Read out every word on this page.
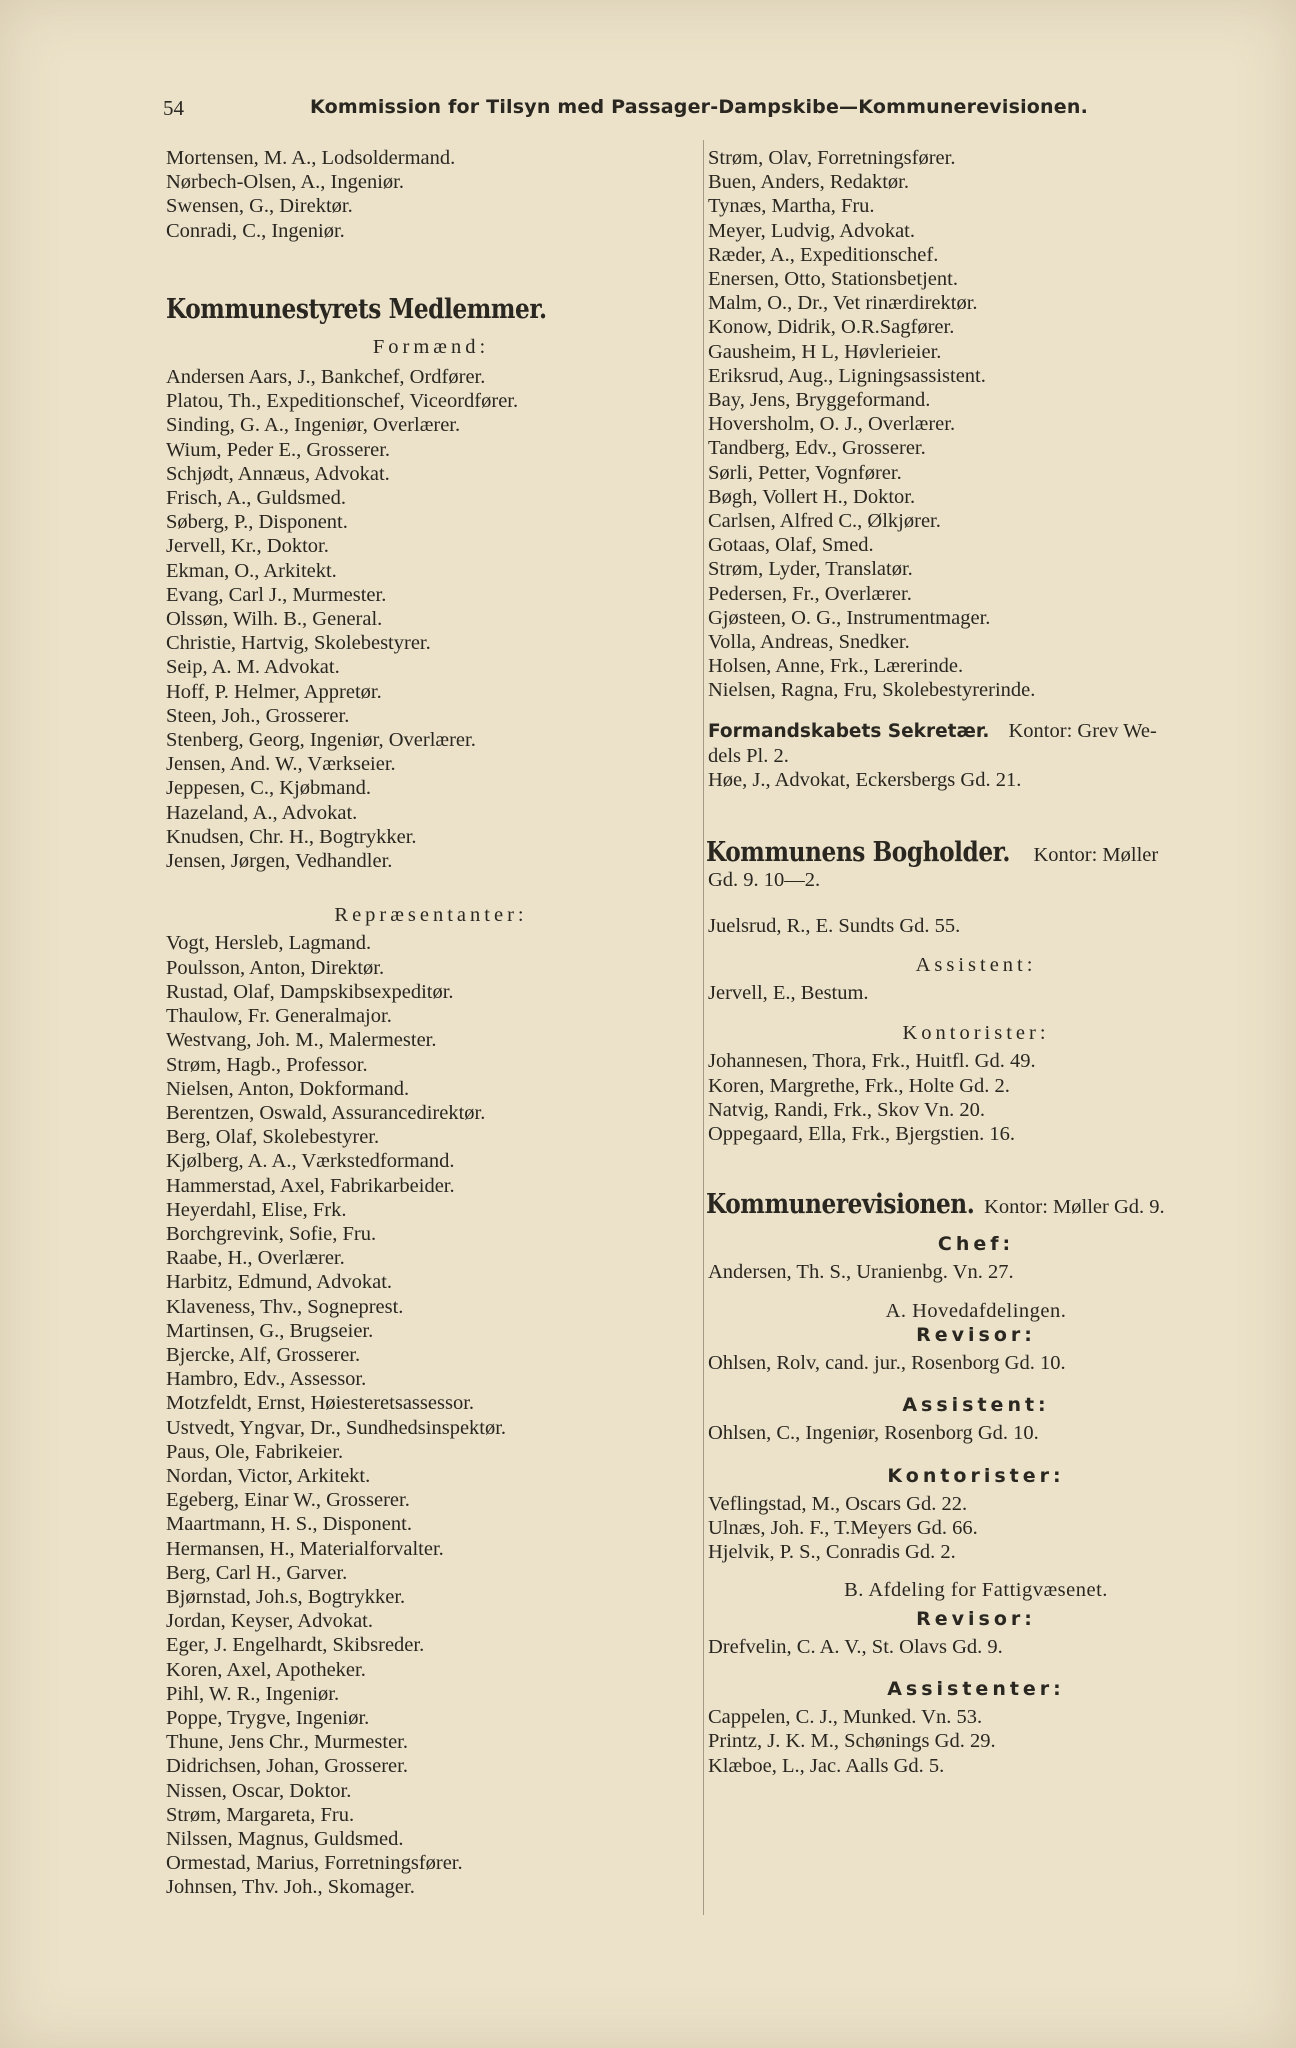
54	Kommission for Tilsyn med Passager-Dampskibe—Kommunerevisionen.
Mortensen, M. A., Lodsoldermand.
Nørbech-Olsen, A., Ingeniør.
Swensen, G., Direktør.
Conradi, C., Ingeniør.
Kommunestyrets Medlemmer.
Formænd:
Andersen Aars, J., Bankchef, Ordfører.
Platou, Th., Expeditionschef, Viceordfører.
Sinding, G. A., Ingeniør, Overlærer.
Wium, Peder E., Grosserer.
Schjødt, Annæus, Advokat.
Frisch, A., Guldsmed.
Søberg, P., Disponent.
Jervell, Kr., Doktor.
Ekman, O., Arkitekt.
Evang, Carl J., Murmester.
Olssøn, Wilh. B., General.
Christie, Hartvig, Skolebestyrer.
Seip, A. M. Advokat.
Hoff, P. Helmer, Appretør.
Steen, Joh., Grosserer.
Stenberg, Georg, Ingeniør, Overlærer.
Jensen, And. W., Værkseier.
Jeppesen, C., Kjøbmand.
Hazeland, A., Advokat.
Knudsen, Chr. H., Bogtrykker.
Jensen, Jørgen, Vedhandler.
Repræsentanter:
Vogt, Hersleb, Lagmand.
Poulsson, Anton, Direktør.
Rustad, Olaf, Dampskibsexpeditør.
Thaulow, Fr. Generalmajor.
Westvang, Joh. M., Malermester.
Strøm, Hagb., Professor.
Nielsen, Anton, Dokformand.
Berentzen, Oswald, Assurancedirektør.
Berg, Olaf, Skolebestyrer.
Kjølberg, A. A., Værkstedformand.
Hammerstad, Axel, Fabrikarbeider.
Heyerdahl, Elise, Frk.
Borchgrevink, Sofie, Fru.
Raabe, H., Overlærer.
Harbitz, Edmund, Advokat.
Klaveness, Thv., Sogneprest.
Martinsen, G., Brugseier.
Bjercke, Alf, Grosserer.
Hambro, Edv., Assessor.
Motzfeldt, Ernst, Høiesteretsassessor.
Ustvedt, Yngvar, Dr., Sundhedsinspektør.
Paus, Ole, Fabrikeier.
Nordan, Victor, Arkitekt.
Egeberg, Einar W., Grosserer.
Maartmann, H. S., Disponent.
Hermansen, H., Materialforvalter.
Berg, Carl H., Garver.
Bjørnstad, Joh.s, Bogtrykker.
Jordan, Keyser, Advokat.
Eger, J. Engelhardt, Skibsreder.
Koren, Axel, Apotheker.
Pihl, W. R., Ingeniør.
Poppe, Trygve, Ingeniør.
Thune, Jens Chr., Murmester.
Didrichsen, Johan, Grosserer.
Nissen, Oscar, Doktor.
Strøm, Margareta, Fru.
Nilssen, Magnus, Guldsmed.
Ormestad, Marius, Forretningsfører.
Johnsen, Thv. Joh., Skomager.
Strøm, Olav, Forretningsfører.
Buen, Anders, Redaktør.
Tynæs, Martha, Fru.
Meyer, Ludvig, Advokat.
Ræder, A., Expeditionschef.
Enersen, Otto, Stationsbetjent.
Malm, O., Dr., Vet rinærdirektør.
Konow, Didrik, O.R.Sagfører.
Gausheim, H L, Høvlerieier.
Eriksrud, Aug., Ligningsassistent.
Bay, Jens, Bryggeformand.
Hoversholm, O. J., Overlærer.
Tandberg, Edv., Grosserer.
Sørli, Petter, Vognfører.
Bøgh, Vollert H., Doktor.
Carlsen, Alfred C., Ølkjører.
Gotaas, Olaf, Smed.
Strøm, Lyder, Translatør.
Pedersen, Fr., Overlærer.
Gjøsteen, O. G., Instrumentmager.
Volla, Andreas, Snedker.
Holsen, Anne, Frk., Lærerinde.
Nielsen, Ragna, Fru, Skolebestyrerinde.
Formandskabets Sekretær. Kontor: Grev We-
dels Pl. 2.
Høe, J., Advokat, Eckersbergs Gd. 21.
Kommunens Bogholder. Kontor: Møller
Gd. 9. 10—2.
Juelsrud, R., E. Sundts Gd. 55.
Assistent:
Jervell, E., Bestum.
Kontorister:
Johannesen, Thora, Frk., Huitfl. Gd. 49.
Koren, Margrethe, Frk., Holte Gd. 2.
Natvig, Randi, Frk., Skov Vn. 20.
Oppegaard, Ella, Frk., Bjergstien. 16.
Kommunerevisionen. Kontor: Møller Gd. 9.
Chef:
Andersen, Th. S., Uranienbg. Vn. 27.
A. Hovedafdelingen.
Revisor:
Ohlsen, Rolv, cand. jur., Rosenborg Gd. 10.
Assistent:
Ohlsen, C., Ingeniør, Rosenborg Gd. 10.
Kontorister:
Veflingstad, M., Oscars Gd. 22.
Ulnæs, Joh. F., T.Meyers Gd. 66.
Hjelvik, P. S., Conradis Gd. 2.
B. Afdeling for Fattigvæsenet.
Revisor:
Drefvelin, C. A. V., St. Olavs Gd. 9.
Assistenter:
Cappelen, C. J., Munked. Vn. 53.
Printz, J. K. M., Schønings Gd. 29.
Klæboe, L., Jac. Aalls Gd. 5.
